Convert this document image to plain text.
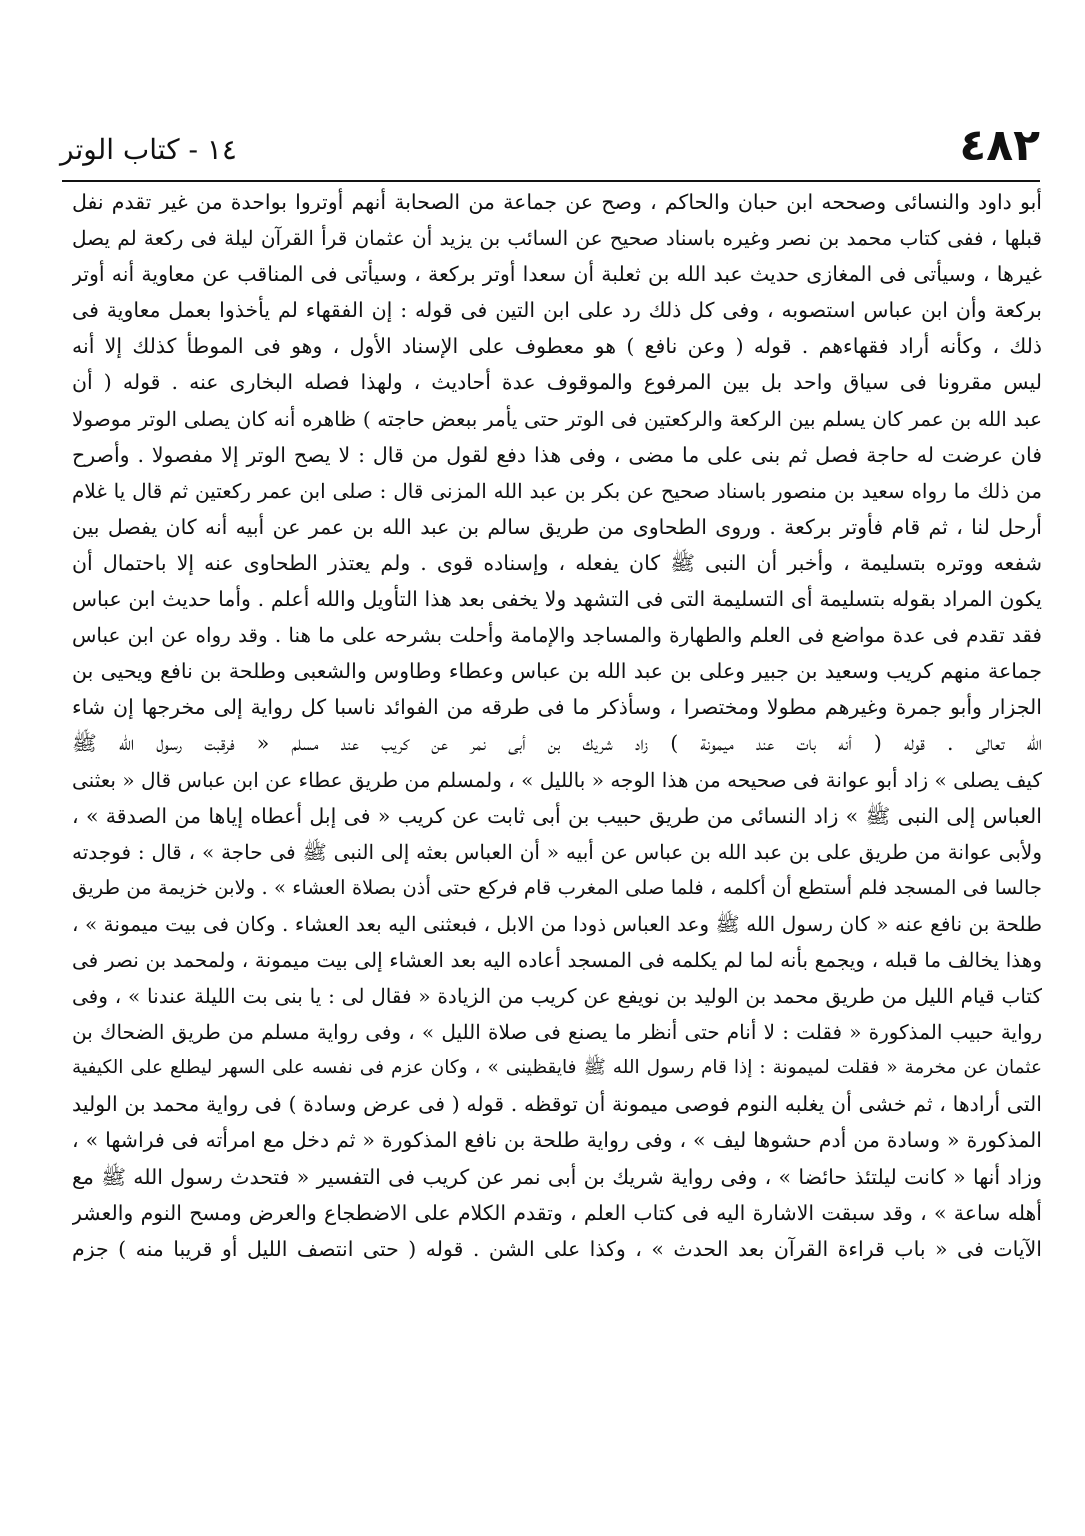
٤٨٢
١٤ - كتاب الوتر
أبو داود والنسائى وصححه ابن حبان والحاكم ، وصح عن جماعة من الصحابة أنهم أوتروا بواحدة من غير تقدم نفل
قبلها ، ففى كتاب محمد بن نصر وغيره باسناد صحيح عن السائب بن يزيد أن عثمان قرأ القرآن ليلة فى ركعة لم يصل
غيرها ، وسيأتى فى المغازى حديث عبد الله بن ثعلبة أن سعدا أوتر بركعة ، وسيأتى فى المناقب عن معاوية أنه أوتر
بركعة وأن ابن عباس استصوبه ، وفى كل ذلك رد على ابن التين فى قوله : إن الفقهاء لم يأخذوا بعمل معاوية فى
ذلك ، وكأنه أراد فقهاءهم . قوله ( وعن نافع ) هو معطوف على الإسناد الأول ، وهو فى الموطأ كذلك إلا أنه
ليس مقرونا فى سياق واحد بل بين المرفوع والموقوف عدة أحاديث ، ولهذا فصله البخارى عنه . قوله ( أن
عبد الله بن عمر كان يسلم بين الركعة والركعتين فى الوتر حتى يأمر ببعض حاجته ) ظاهره أنه كان يصلى الوتر موصولا
فان عرضت له حاجة فصل ثم بنى على ما مضى ، وفى هذا دفع لقول من قال : لا يصح الوتر إلا مفصولا . وأصرح
من ذلك ما رواه سعيد بن منصور باسناد صحيح عن بكر بن عبد الله المزنى قال : صلى ابن عمر ركعتين ثم قال يا غلام
أرحل لنا ، ثم قام فأوتر بركعة . وروى الطحاوى من طريق سالم بن عبد الله بن عمر عن أبيه أنه كان يفصل بين
شفعه ووتره بتسليمة ، وأخبر أن النبى ﷺ كان يفعله ، وإسناده قوى . ولم يعتذر الطحاوى عنه إلا باحتمال أن
يكون المراد بقوله بتسليمة أى التسليمة التى فى التشهد ولا يخفى بعد هذا التأويل والله أعلم . وأما حديث ابن عباس
فقد تقدم فى عدة مواضع فى العلم والطهارة والمساجد والإمامة وأحلت بشرحه على ما هنا . وقد رواه عن ابن عباس
جماعة منهم كريب وسعيد بن جبير وعلى بن عبد الله بن عباس وعطاء وطاوس والشعبى وطلحة بن نافع ويحيى بن
الجزار وأبو جمرة وغيرهم مطولا ومختصرا ، وسأذكر ما فى طرقه من الفوائد ناسبا كل رواية إلى مخرجها إن شاء
الله تعالى . قوله ( أنه بات عند ميمونة ) زاد شريك بن أبى نمر عن كريب عند مسلم « فرقبت رسول الله ﷺ
كيف يصلى » زاد أبو عوانة فى صحيحه من هذا الوجه « بالليل » ، ولمسلم من طريق عطاء عن ابن عباس قال « بعثنى
العباس إلى النبى ﷺ » زاد النسائى من طريق حبيب بن أبى ثابت عن كريب « فى إبل أعطاه إياها من الصدقة » ،
ولأبى عوانة من طريق على بن عبد الله بن عباس عن أبيه « أن العباس بعثه إلى النبى ﷺ فى حاجة » ، قال : فوجدته
جالسا فى المسجد فلم أستطع أن أكلمه ، فلما صلى المغرب قام فركع حتى أذن بصلاة العشاء » . ولابن خزيمة من طريق
طلحة بن نافع عنه « كان رسول الله ﷺ وعد العباس ذودا من الابل ، فبعثنى اليه بعد العشاء . وكان فى بيت ميمونة » ،
وهذا يخالف ما قبله ، ويجمع بأنه لما لم يكلمه فى المسجد أعاده اليه بعد العشاء إلى بيت ميمونة ، ولمحمد بن نصر فى
كتاب قيام الليل من طريق محمد بن الوليد بن نويفع عن كريب من الزيادة « فقال لى : يا بنى بت الليلة عندنا » ، وفى
رواية حبيب المذكورة « فقلت : لا أنام حتى أنظر ما يصنع فى صلاة الليل » ، وفى رواية مسلم من طريق الضحاك بن
عثمان عن مخرمة « فقلت لميمونة : إذا قام رسول الله ﷺ فايقظينى » ، وكان عزم فى نفسه على السهر ليطلع على الكيفية
التى أرادها ، ثم خشى أن يغلبه النوم فوصى ميمونة أن توقظه . قوله ( فى عرض وسادة ) فى رواية محمد بن الوليد
المذكورة « وسادة من أدم حشوها ليف » ، وفى رواية طلحة بن نافع المذكورة « ثم دخل مع امرأته فى فراشها » ،
وزاد أنها « كانت ليلتئذ حائضا » ، وفى رواية شريك بن أبى نمر عن كريب فى التفسير « فتحدث رسول الله ﷺ مع
أهله ساعة » ، وقد سبقت الاشارة اليه فى كتاب العلم ، وتقدم الكلام على الاضطجاع والعرض ومسح النوم والعشر
الآيات فى « باب قراءة القرآن بعد الحدث » ، وكذا على الشن . قوله ( حتى انتصف الليل أو قريبا منه ) جزم
